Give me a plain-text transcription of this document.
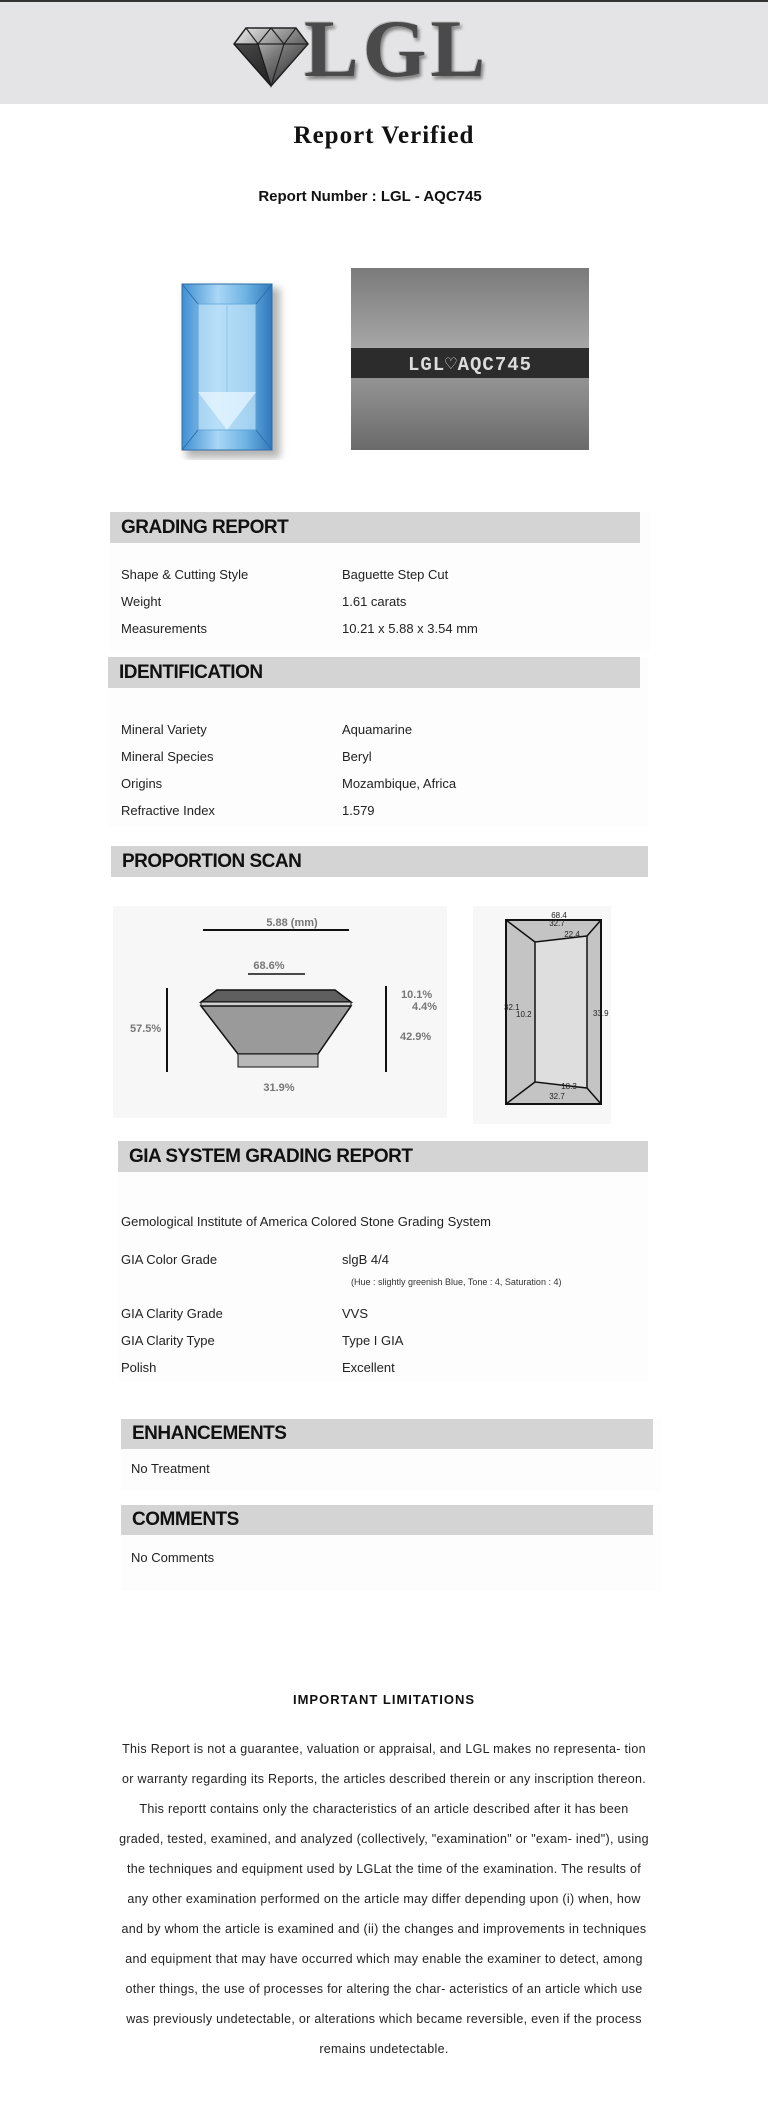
LGL
Report Verified
Report Number : LGL - AQC745
LGL♡AQC745
GRADING REPORT
Shape & Cutting Style	Baguette Step Cut
Weight	1.61 carats
Measurements	10.21 x 5.88 x 3.54 mm
IDENTIFICATION
Mineral Variety	Aquamarine
Mineral Species	Beryl
Origins	Mozambique, Africa
Refractive Index	1.579
PROPORTION SCAN
5.88 (mm)
68.6%
57.5%
10.1%
4.4%
42.9%
31.9%
68.4
32.7
22.4
32.1
10.2	33.9
18.3
32.7
GIA SYSTEM GRADING REPORT
Gemological Institute of America Colored Stone Grading System
GIA Color Grade	slgB 4/4
(Hue : slightly greenish Blue, Tone : 4, Saturation : 4)
GIA Clarity Grade	VVS
GIA Clarity Type	Type I GIA
Polish	Excellent
ENHANCEMENTS
No Treatment
COMMENTS
No Comments
IMPORTANT LIMITATIONS
This Report is not a guarantee, valuation or appraisal, and LGL makes no representa- tion or warranty regarding its Reports, the articles described therein or any inscription thereon. This reportt contains only the characteristics of an article described after it has been graded, tested, examined, and analyzed (collectively, "examination" or "exam- ined"), using the techniques and equipment used by LGLat the time of the examination. The results of any other examination performed on the article may differ depending upon (i) when, how and by whom the article is examined and (ii) the changes and improvements in techniques and equipment that may have occurred which may enable the examiner to detect, among other things, the use of processes for altering the char- acteristics of an article which use was previously undetectable, or alterations which became reversible, even if the process remains undetectable.
